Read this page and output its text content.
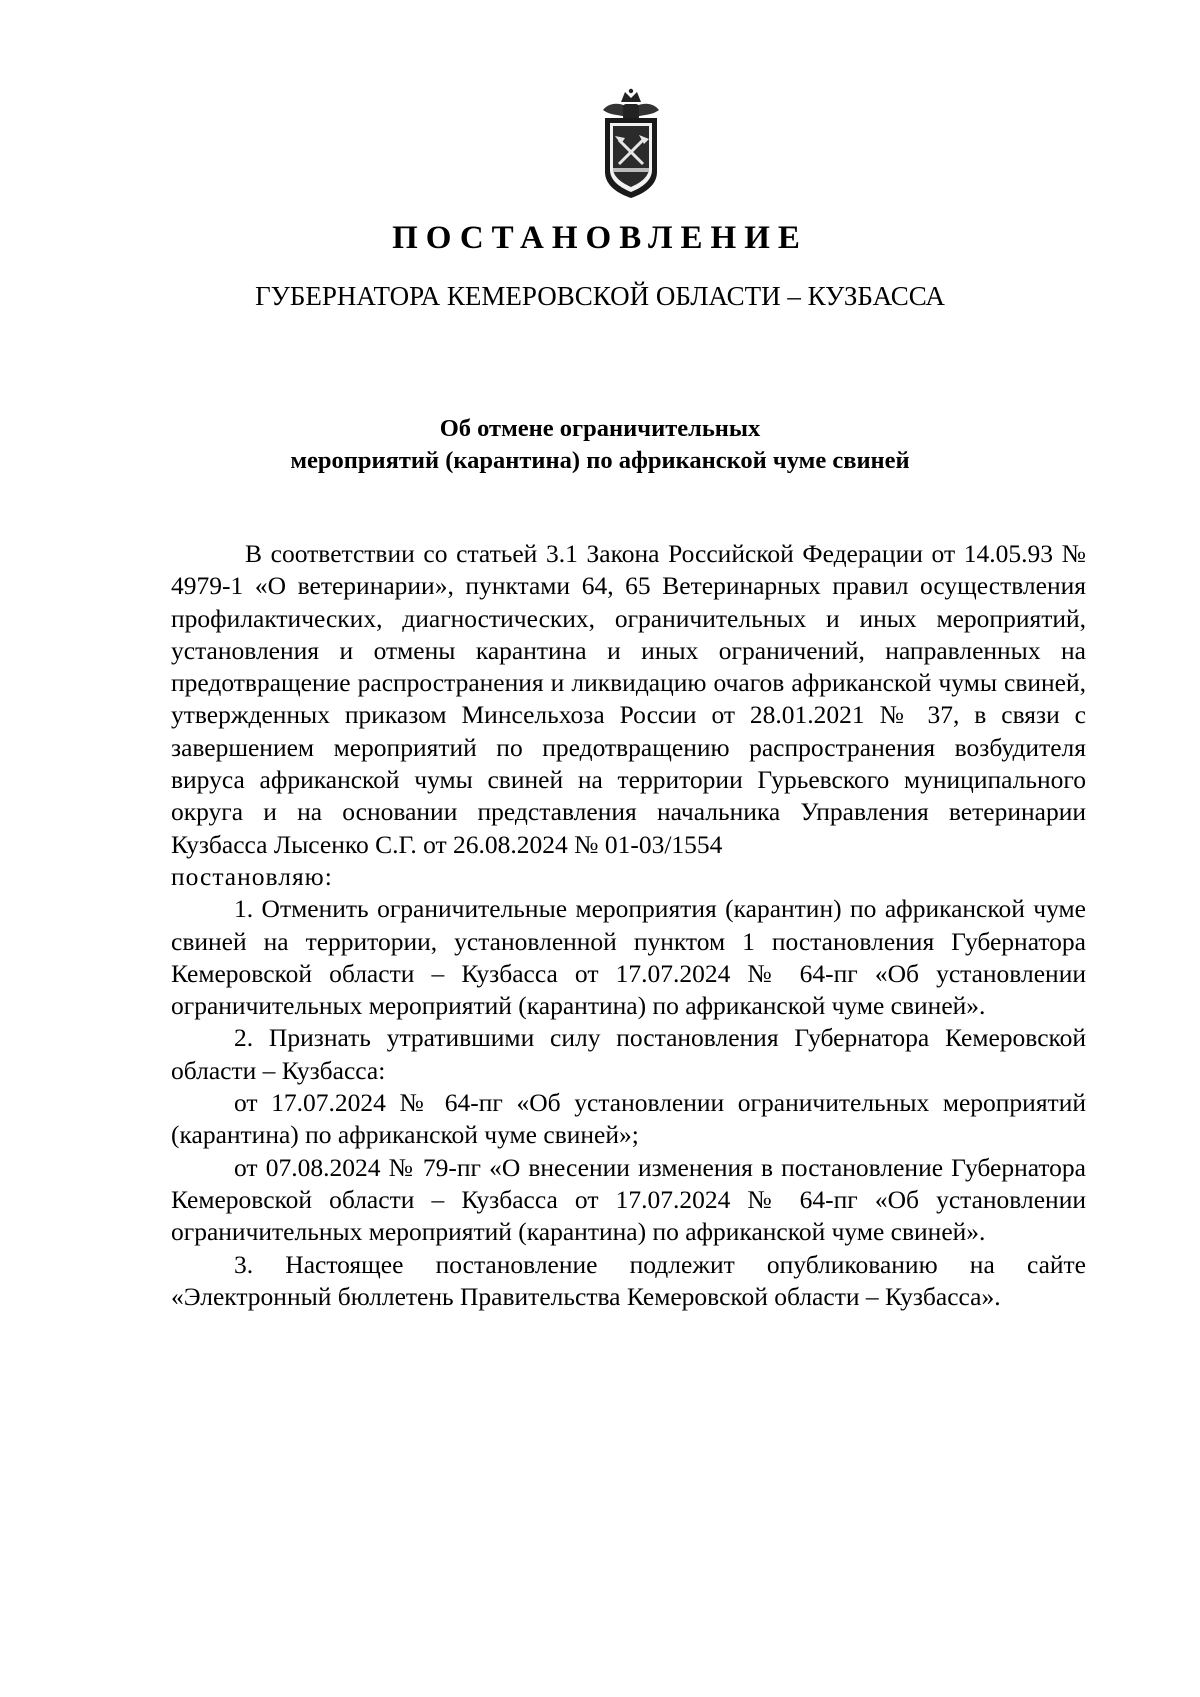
ПОСТАНОВЛЕНИЕ
ГУБЕРНАТОРА КЕМЕРОВСКОЙ ОБЛАСТИ – КУЗБАССА
Об отмене ограничительных
мероприятий (карантина) по африканской чуме свиней

В соответствии со статьей 3.1 Закона Российской Федерации от 14.05.93 № 4979-1 «О ветеринарии», пунктами 64, 65 Ветеринарных правил осуществления профилактических, диагностических, ограничительных и иных мероприятий, установления и отмены карантина и иных ограничений, направленных на предотвращение распространения и ликвидацию очагов африканской чумы свиней, утвержденных приказом Минсельхоза России от 28.01.2021 № 37, в связи с завершением мероприятий по предотвращению распространения возбудителя вируса африканской чумы свиней на территории Гурьевского муниципального округа и на основании представления начальника Управления ветеринарии Кузбасса Лысенко С.Г. от 26.08.2024 № 01-03/1554

постановляю:

1. Отменить ограничительные мероприятия (карантин) по африканской чуме свиней на территории, установленной пунктом 1 постановления Губернатора Кемеровской области – Кузбасса от 17.07.2024 № 64-пг «Об установлении ограничительных мероприятий (карантина) по африканской чуме свиней».

2. Признать утратившими силу постановления Губернатора Кемеровской области – Кузбасса:

от 17.07.2024 № 64-пг «Об установлении ограничительных мероприятий (карантина) по африканской чуме свиней»;

от 07.08.2024 № 79-пг «О внесении изменения в постановление Губернатора Кемеровской области – Кузбасса от 17.07.2024 № 64-пг «Об установлении ограничительных мероприятий (карантина) по африканской чуме свиней».

3. Настоящее постановление подлежит опубликованию на сайте «Электронный бюллетень Правительства Кемеровской области – Кузбасса».
